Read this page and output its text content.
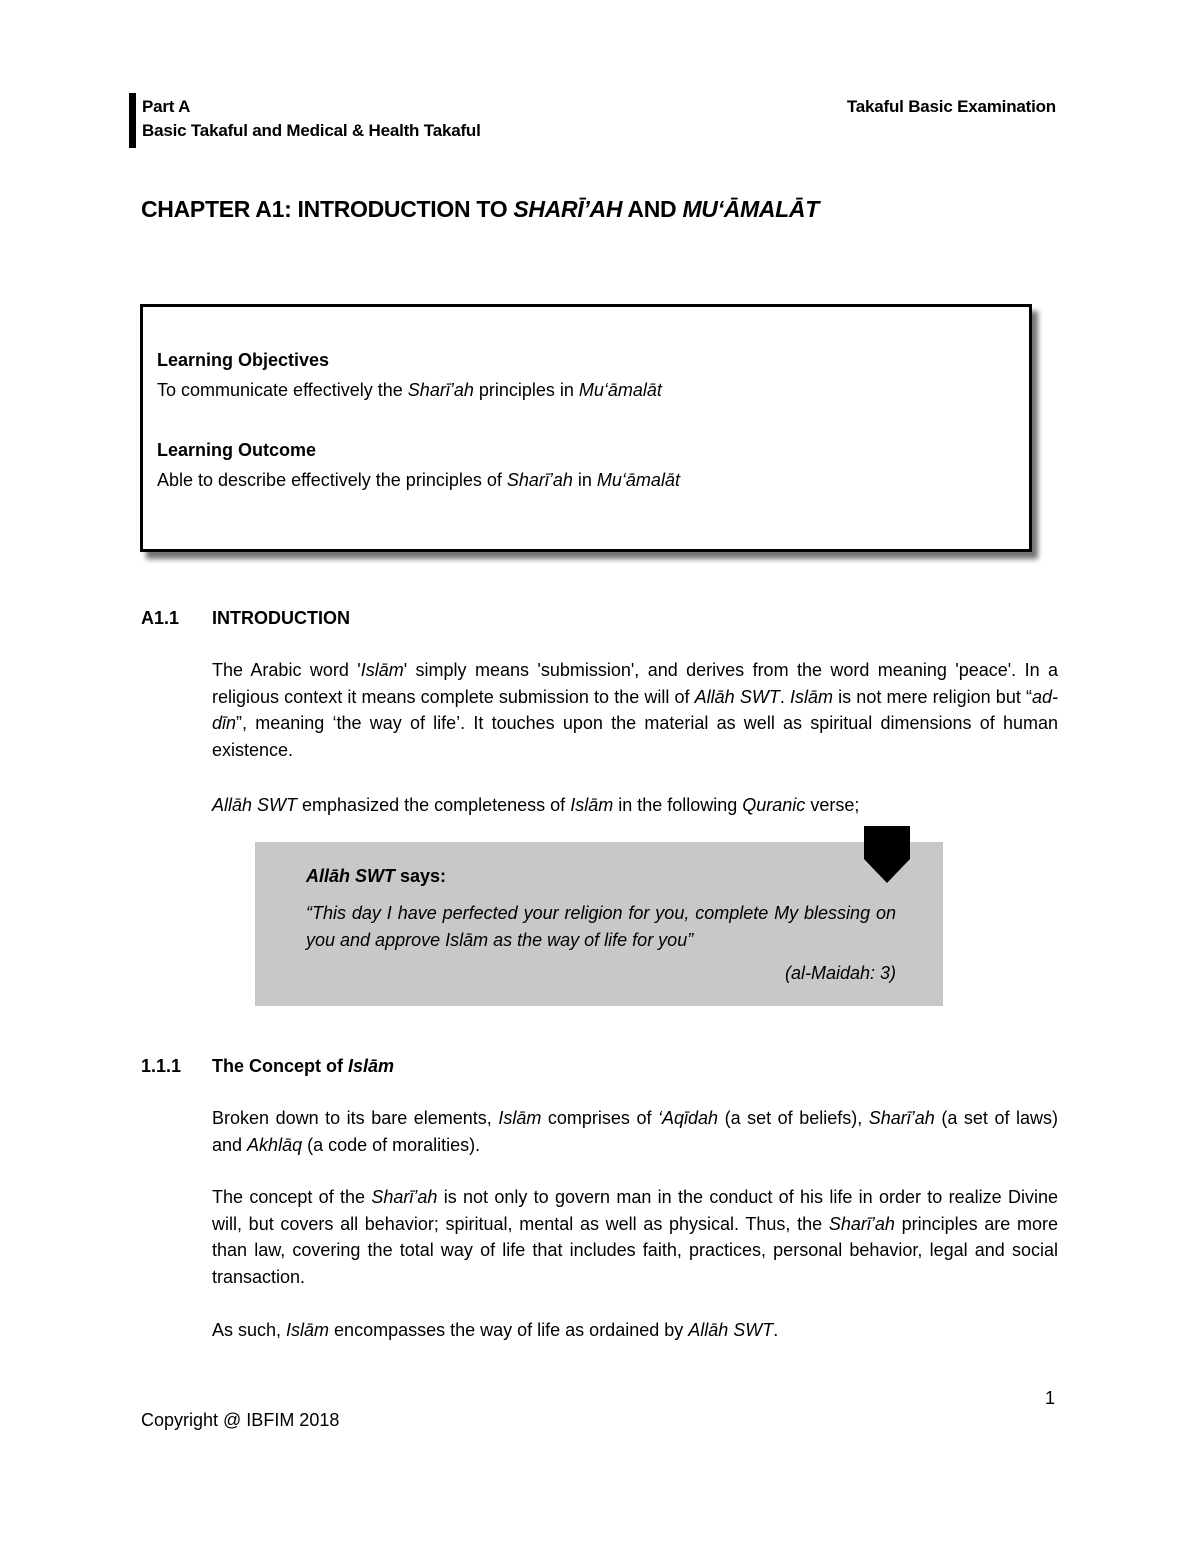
Part A
Basic Takaful and Medical & Health Takaful
Takaful Basic Examination
CHAPTER A1: INTRODUCTION TO SHARĪ’AH AND MU‘ĀMALĀT
Learning Objectives
To communicate effectively the Sharī’ah principles in Mu‘āmalāt
Learning Outcome
Able to describe effectively the principles of Sharī’ah in Mu‘āmalāt
A1.1 INTRODUCTION
The Arabic word 'Islām' simply means 'submission', and derives from the word meaning 'peace'. In a religious context it means complete submission to the will of Allāh SWT. Islām is not mere religion but “ad-dīn”, meaning ‘the way of life’. It touches upon the material as well as spiritual dimensions of human existence.
Allāh SWT emphasized the completeness of Islām in the following Quranic verse;
Allāh SWT says:
“This day I have perfected your religion for you, complete My blessing on you and approve Islām as the way of life for you”
(al-Maidah: 3)
1.1.1 The Concept of Islām
Broken down to its bare elements, Islām comprises of ‘Aqīdah (a set of beliefs), Sharī’ah (a set of laws) and Akhlāq (a code of moralities).
The concept of the Sharī’ah is not only to govern man in the conduct of his life in order to realize Divine will, but covers all behavior; spiritual, mental as well as physical. Thus, the Sharī’ah principles are more than law, covering the total way of life that includes faith, practices, personal behavior, legal and social transaction.
As such, Islām encompasses the way of life as ordained by Allāh SWT.
1
Copyright @ IBFIM 2018
